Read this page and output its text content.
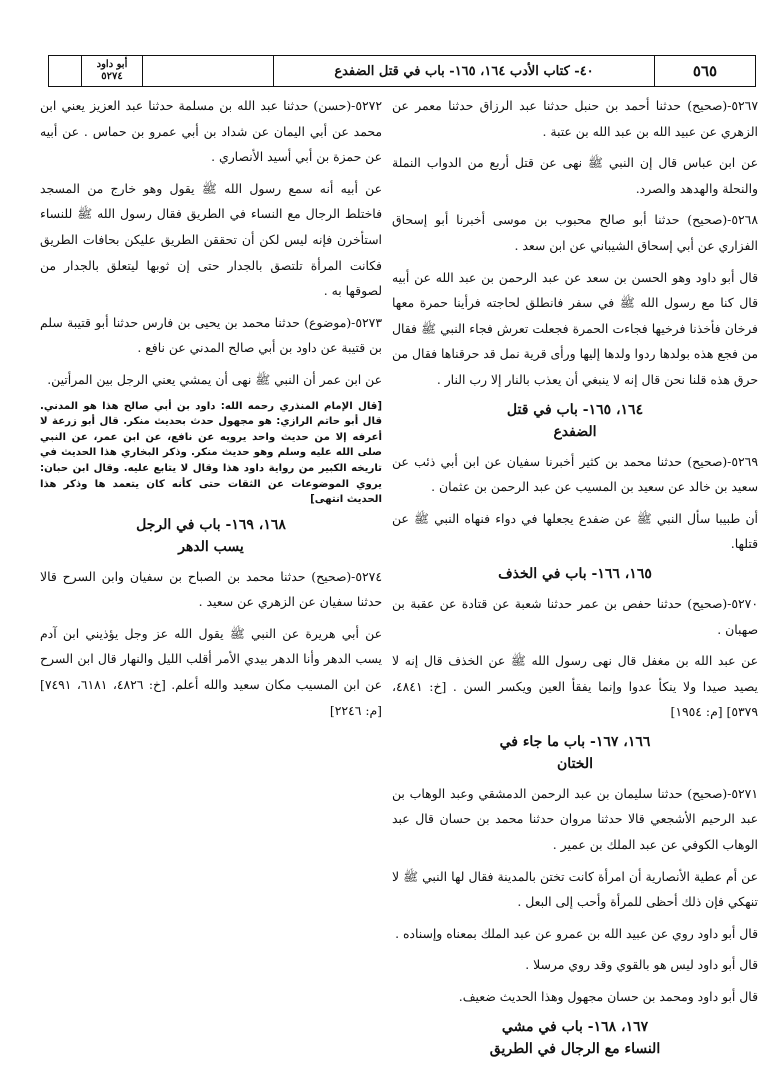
٥٦٥
٤٠- كتاب الأدب ١٦٤، ١٦٥- باب في قتل الضفدع
أبو داود
٥٢٧٤

٥٢٦٧-(صحيح) حدثنا أحمد بن حنبل حدثنا عبد الرزاق حدثنا معمر عن الزهري عن عبيد الله بن عبد الله بن عتبة .

عن ابن عباس قال إن النبي ﷺ نهى عن قتل أربع من الدواب النملة والنحلة والهدهد والصرد.

٥٢٦٨-(صحيح) حدثنا أبو صالح محبوب بن موسى أخبرنا أبو إسحاق الفزاري عن أبي إسحاق الشيباني عن ابن سعد .

قال أبو داود وهو الحسن بن سعد عن عبد الرحمن بن عبد الله عن أبيه قال كنا مع رسول الله ﷺ في سفر فانطلق لحاجته فرأينا حمرة معها فرخان فأخذنا فرخيها فجاءت الحمرة فجعلت تعرش فجاء النبي ﷺ فقال من فجع هذه بولدها ردوا ولدها إليها ورأى قرية نمل قد حرقناها فقال من حرق هذه قلنا نحن قال إنه لا ينبغي أن يعذب بالنار إلا رب النار .

١٦٤، ١٦٥- باب في قتل
الضفدع

٥٢٦٩-(صحيح) حدثنا محمد بن كثير أخبرنا سفيان عن ابن أبي ذئب عن سعيد بن خالد عن سعيد بن المسيب عن عبد الرحمن بن عثمان .

أن طبيبا سأل النبي ﷺ عن ضفدع يجعلها في دواء فنهاه النبي ﷺ عن قتلها.

١٦٥، ١٦٦- باب في الخذف

٥٢٧٠-(صحيح) حدثنا حفص بن عمر حدثنا شعبة عن قتادة عن عقبة بن صهبان .

عن عبد الله بن مغفل قال نهى رسول الله ﷺ عن الخذف قال إنه لا يصيد صيدا ولا ينكأ عدوا وإنما يفقأ العين ويكسر السن . [خ: ٤٨٤١، ٥٣٧٩] [م: ١٩٥٤]

١٦٦، ١٦٧- باب ما جاء في
الختان

٥٢٧١-(صحيح) حدثنا سليمان بن عبد الرحمن الدمشقي وعبد الوهاب بن عبد الرحيم الأشجعي قالا حدثنا مروان حدثنا محمد بن حسان قال عبد الوهاب الكوفي عن عبد الملك بن عمير .

عن أم عطية الأنصارية أن امرأة كانت تختن بالمدينة فقال لها النبي ﷺ لا تنهكي فإن ذلك أحظى للمرأة وأحب إلى البعل .

قال أبو داود روي عن عبيد الله بن عمرو عن عبد الملك بمعناه وإسناده .

قال أبو داود ليس هو بالقوي وقد روي مرسلا .

قال أبو داود ومحمد بن حسان مجهول وهذا الحديث ضعيف.

١٦٧، ١٦٨- باب في مشي
النساء مع الرجال في الطريق

٥٢٧٢-(حسن) حدثنا عبد الله بن مسلمة حدثنا عبد العزيز يعني ابن محمد عن أبي اليمان عن شداد بن أبي عمرو بن حماس . عن أبيه عن حمزة بن أبي أسيد الأنصاري .

عن أبيه أنه سمع رسول الله ﷺ يقول وهو خارج من المسجد فاختلط الرجال مع النساء في الطريق فقال رسول الله ﷺ للنساء استأخرن فإنه ليس لكن أن تحققن الطريق عليكن بحافات الطريق فكانت المرأة تلتصق بالجدار حتى إن ثوبها ليتعلق بالجدار من لصوقها به .

٥٢٧٣-(موضوع) حدثنا محمد بن يحيى بن فارس حدثنا أبو قتيبة سلم بن قتيبة عن داود بن أبي صالح المدني عن نافع .

عن ابن عمر أن النبي ﷺ نهى أن يمشي يعني الرجل بين المرأتين.

[قال الإمام المنذري رحمه الله: داود بن أبي صالح هذا هو المدني. قال أبو حاتم الرازي: هو مجهول حدث بحديث منكر. قال أبو زرعة لا أعرفه إلا من حديث واحد يرويه عن نافع، عن ابن عمر، عن النبي صلى الله عليه وسلم وهو حديث منكر. وذكر البخاري هذا الحديث في تاريخه الكبير من رواية داود هذا وقال لا يتابع عليه. وقال ابن حبان: يروي الموضوعات عن الثقات حتى كأنه كان يتعمد ها وذكر هذا الحديث انتهى]

١٦٨، ١٦٩- باب في الرجل
يسب الدهر

٥٢٧٤-(صحيح) حدثنا محمد بن الصباح بن سفيان وابن السرح قالا حدثنا سفيان عن الزهري عن سعيد .

عن أبي هريرة عن النبي ﷺ يقول الله عز وجل يؤذيني ابن آدم يسب الدهر وأنا الدهر بيدي الأمر أقلب الليل والنهار قال ابن السرح عن ابن المسيب مكان سعيد والله أعلم. [خ: ٤٨٢٦، ٦١٨١، ٧٤٩١] [م: ٢٢٤٦]
